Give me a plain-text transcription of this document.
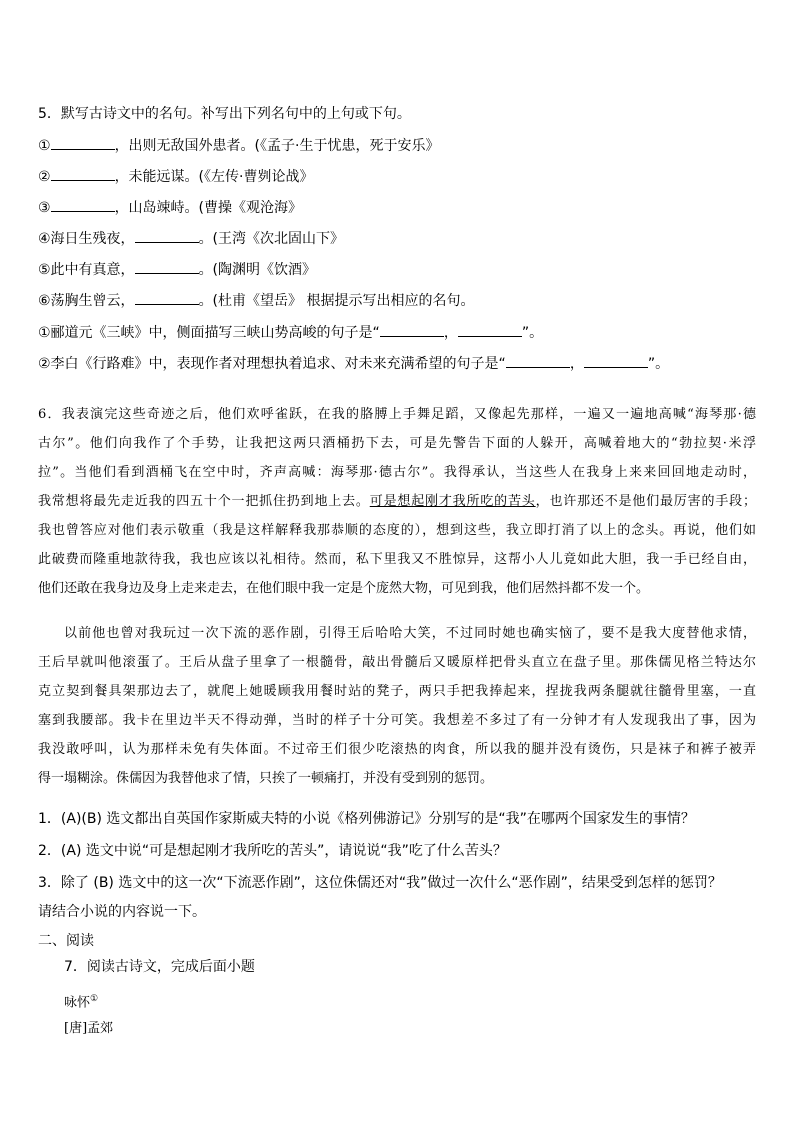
5．默写古诗文中的名句。补写出下列名句中的上句或下句。
①	，出则无敌国外患者。(《孟子·生于忧患，死于安乐》
②	，未能远谋。(《左传·曹刿论战》
③	，山岛竦峙。(曹操《观沧海》
④海日生残夜，	。(王湾《次北固山下》
⑤此中有真意，	。(陶渊明《饮酒》
⑥荡胸生曾云，	。(杜甫《望岳》 根据提示写出相应的名句。
①郦道元《三峡》中，侧面描写三峡山势高峻的句子是“	，	”。
②李白《行路难》中，表现作者对理想执着追求、对未来充满希望的句子是“	，	”。
6．我表演完这些奇迹之后，他们欢呼雀跃，在我的胳膊上手舞足蹈，又像起先那样，一遍又一遍地高喊“海琴那·德
古尔”。他们向我作了个手势，让我把这两只酒桶扔下去，可是先警告下面的人躲开，高喊着地大的“勃拉契·米浮
拉”。当他们看到酒桶飞在空中时，齐声高喊：海琴那·德古尔”。我得承认，当这些人在我身上来来回回地走动时，
我常想将最先走近我的四五十个一把抓住扔到地上去。可是想起刚才我所吃的苦头，也许那还不是他们最厉害的手段；
我也曾答应对他们表示敬重（我是这样解释我那恭顺的态度的），想到这些，我立即打消了以上的念头。再说，他们如
此破费而隆重地款待我，我也应该以礼相待。然而，私下里我又不胜惊异，这帮小人儿竟如此大胆，我一手已经自由，
他们还敢在我身边及身上走来走去，在他们眼中我一定是个庞然大物，可见到我，他们居然抖都不发一个。
以前他也曾对我玩过一次下流的恶作剧，引得王后哈哈大笑，不过同时她也确实恼了，要不是我大度替他求情，
王后早就叫他滚蛋了。王后从盘子里拿了一根髓骨，敲出骨髓后又暖原样把骨头直立在盘子里。那侏儒见格兰特达尔
克立契到餐具架那边去了，就爬上她暖顾我用餐时站的凳子，两只手把我捧起来，捏拢我两条腿就往髓骨里塞，一直
塞到我腰部。我卡在里边半天不得动弹，当时的样子十分可笑。我想差不多过了有一分钟才有人发现我出了事，因为
我没敢呼叫，认为那样未免有失体面。不过帝王们很少吃滚热的肉食，所以我的腿并没有烫伤，只是袜子和裤子被弄
得一塌糊涂。侏儒因为我替他求了情，只挨了一顿痛打，并没有受到别的惩罚。
1．(A)(B) 选文都出自英国作家斯威夫特的小说《格列佛游记》分别写的是“我”在哪两个国家发生的事情？
2．(A) 选文中说“可是想起刚才我所吃的苦头”，请说说“我”吃了什么苦头？
3．除了 (B) 选文中的这一次“下流恶作剧”，这位侏儒还对“我”做过一次什么“恶作剧”，结果受到怎样的惩罚？
请结合小说的内容说一下。
二、阅读
7．阅读古诗文，完成后面小题
咏怀①
[唐]孟郊
